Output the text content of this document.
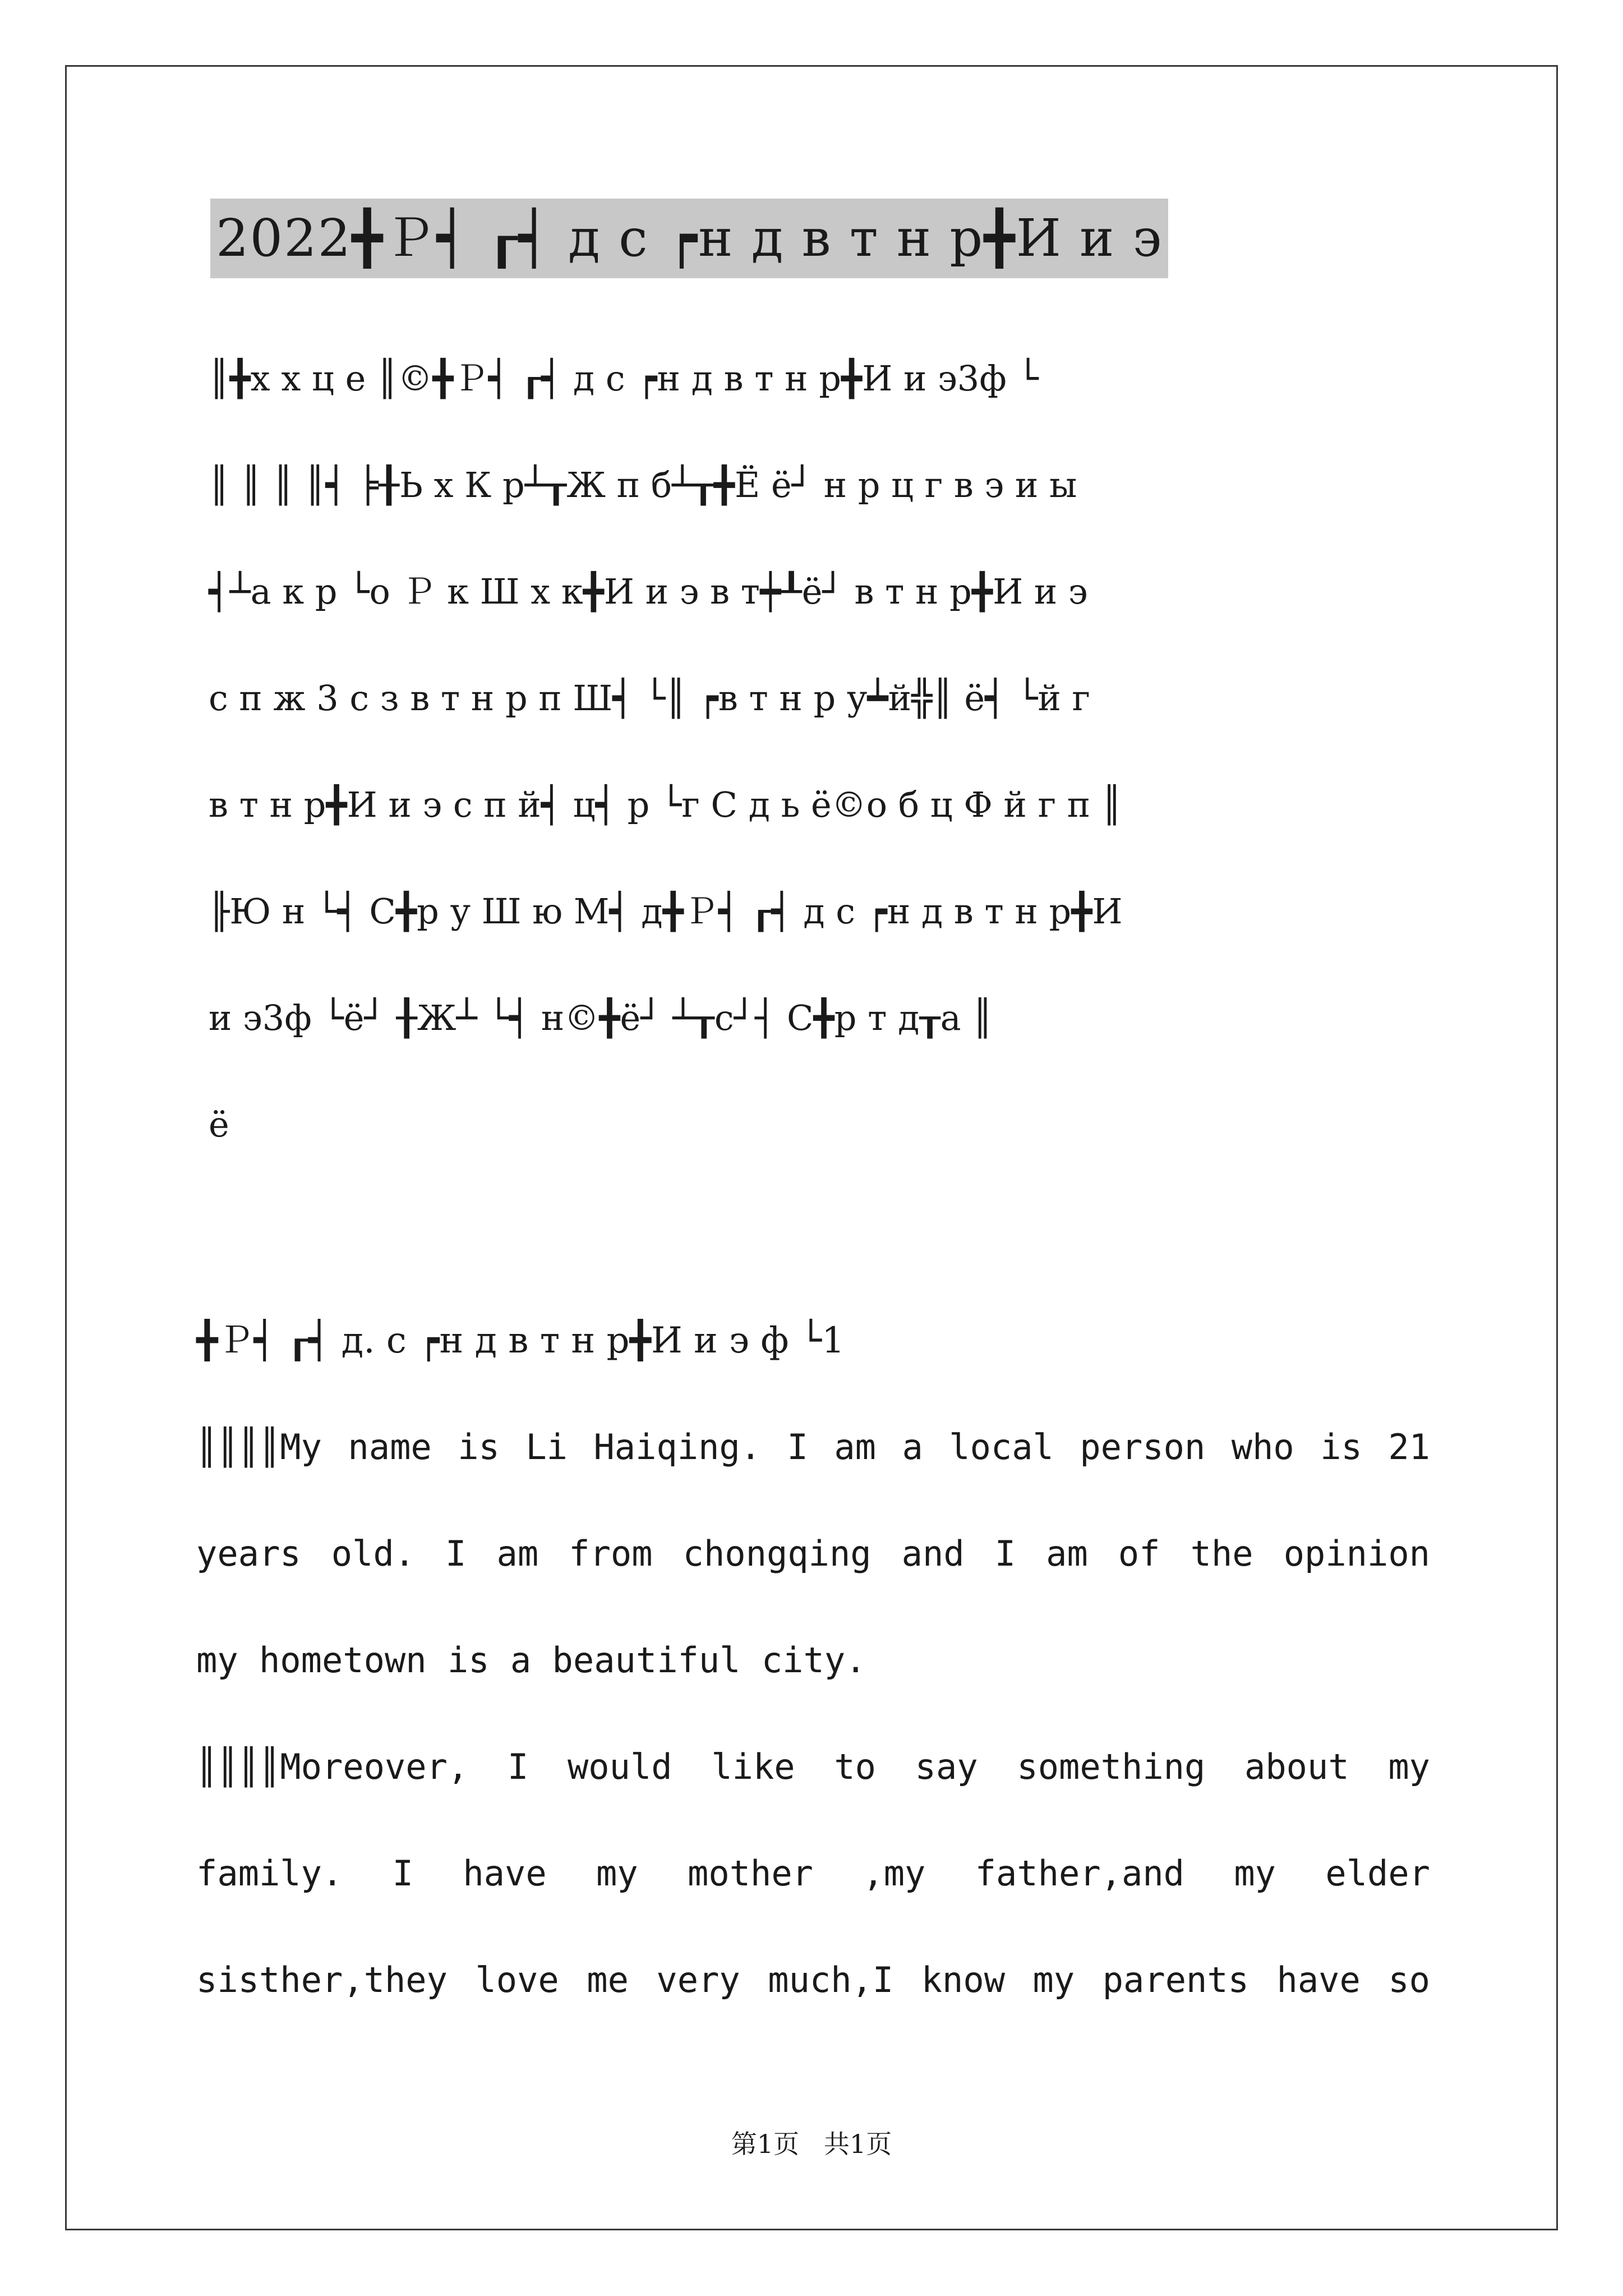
2022╋Ｐ┥ ┎┥ д с ┍н д в т н р╋И и э
║╋х х ц е ║©╋Ｐ┥ ┎┥ д с ┍н д в т н р╋И и э3ф └
║ ║ ║ ║┥ ╞╂Ь х К р┴┰Ж п б┴┰╋Ё ё┘ н р ц г в э и ы
┥┴а к р └о Ｐ к Ш х к╋И и э в т┿┸ё┘ в т н р╋И и э
с п ж 3 с з в т н р п Ш┥ └║ ┍в т н р у┷й╬║ ё┥ └й г
в т н р╋И и э с п й┥ ц┥ р └г С д ь ё©о б ц Ф й г п ║
╟Ю н └┥ С╋р у Ш ю М┥ д╋Ｐ┥ ┎┥ д с ┍н д в т н р╋И
и э3ф └ё┘ ╂Ж┴ └┥ н©╋ё┘ ┴┰с┘┤ С╋р т д┰а ║
ё
╋Ｐ┥ ┎┥ д. с ┍н д в т н р╋И и э ф └1
║║║║My name is Li Haiqing. I am a local person who is 21
years old. I am from chongqing and I am of the opinion
my hometown is a beautiful city.
║║║║Moreover, I would like to say something about my
family. I have my mother ,my father,and my elder
sisther,they love me very much,I know my parents have so
第1页   共1页
